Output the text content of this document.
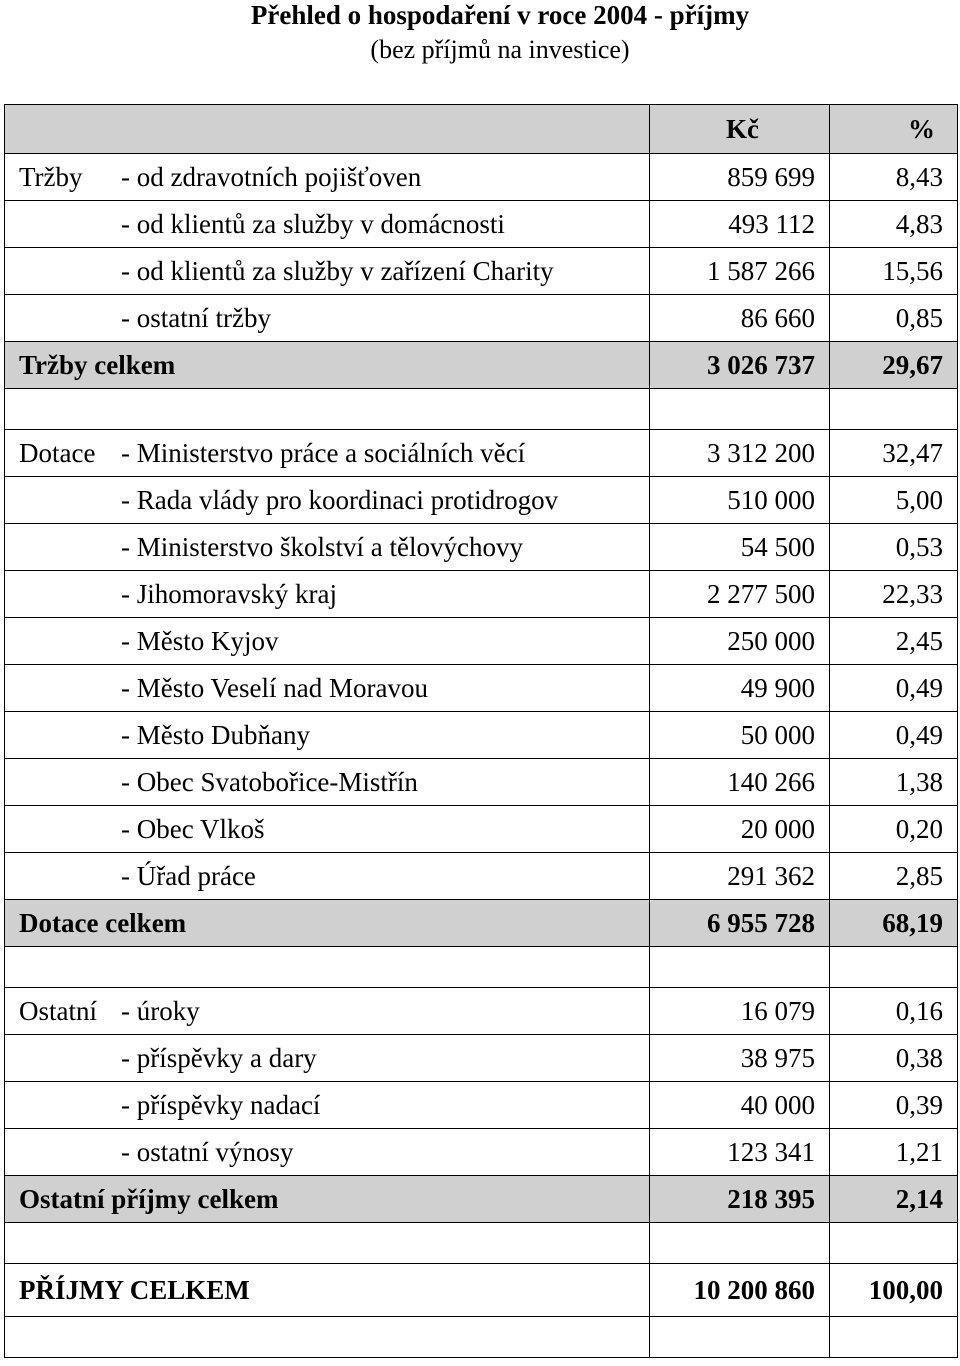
Přehled o hospodaření v roce 2004 - příjmy
(bez příjmů na investice)
	Kč	%
Tržby - od zdravotních pojišťoven	859 699	8,43
- od klientů za služby v domácnosti	493 112	4,83
- od klientů za služby v zařízení Charity	1 587 266	15,56
- ostatní tržby	86 660	0,85
Tržby celkem	3 026 737	29,67

Dotace - Ministerstvo práce a sociálních věcí	3 312 200	32,47
- Rada vlády pro koordinaci protidrogov	510 000	5,00
- Ministerstvo školství a tělovýchovy	54 500	0,53
- Jihomoravský kraj	2 277 500	22,33
- Město Kyjov	250 000	2,45
- Město Veselí nad Moravou	49 900	0,49
- Město Dubňany	50 000	0,49
- Obec Svatobořice-Mistřín	140 266	1,38
- Obec Vlkoš	20 000	0,20
- Úřad práce	291 362	2,85
Dotace celkem	6 955 728	68,19

Ostatní - úroky	16 079	0,16
- příspěvky a dary	38 975	0,38
- příspěvky nadací	40 000	0,39
- ostatní výnosy	123 341	1,21
Ostatní příjmy celkem	218 395	2,14

PŘÍJMY CELKEM	10 200 860	100,00
